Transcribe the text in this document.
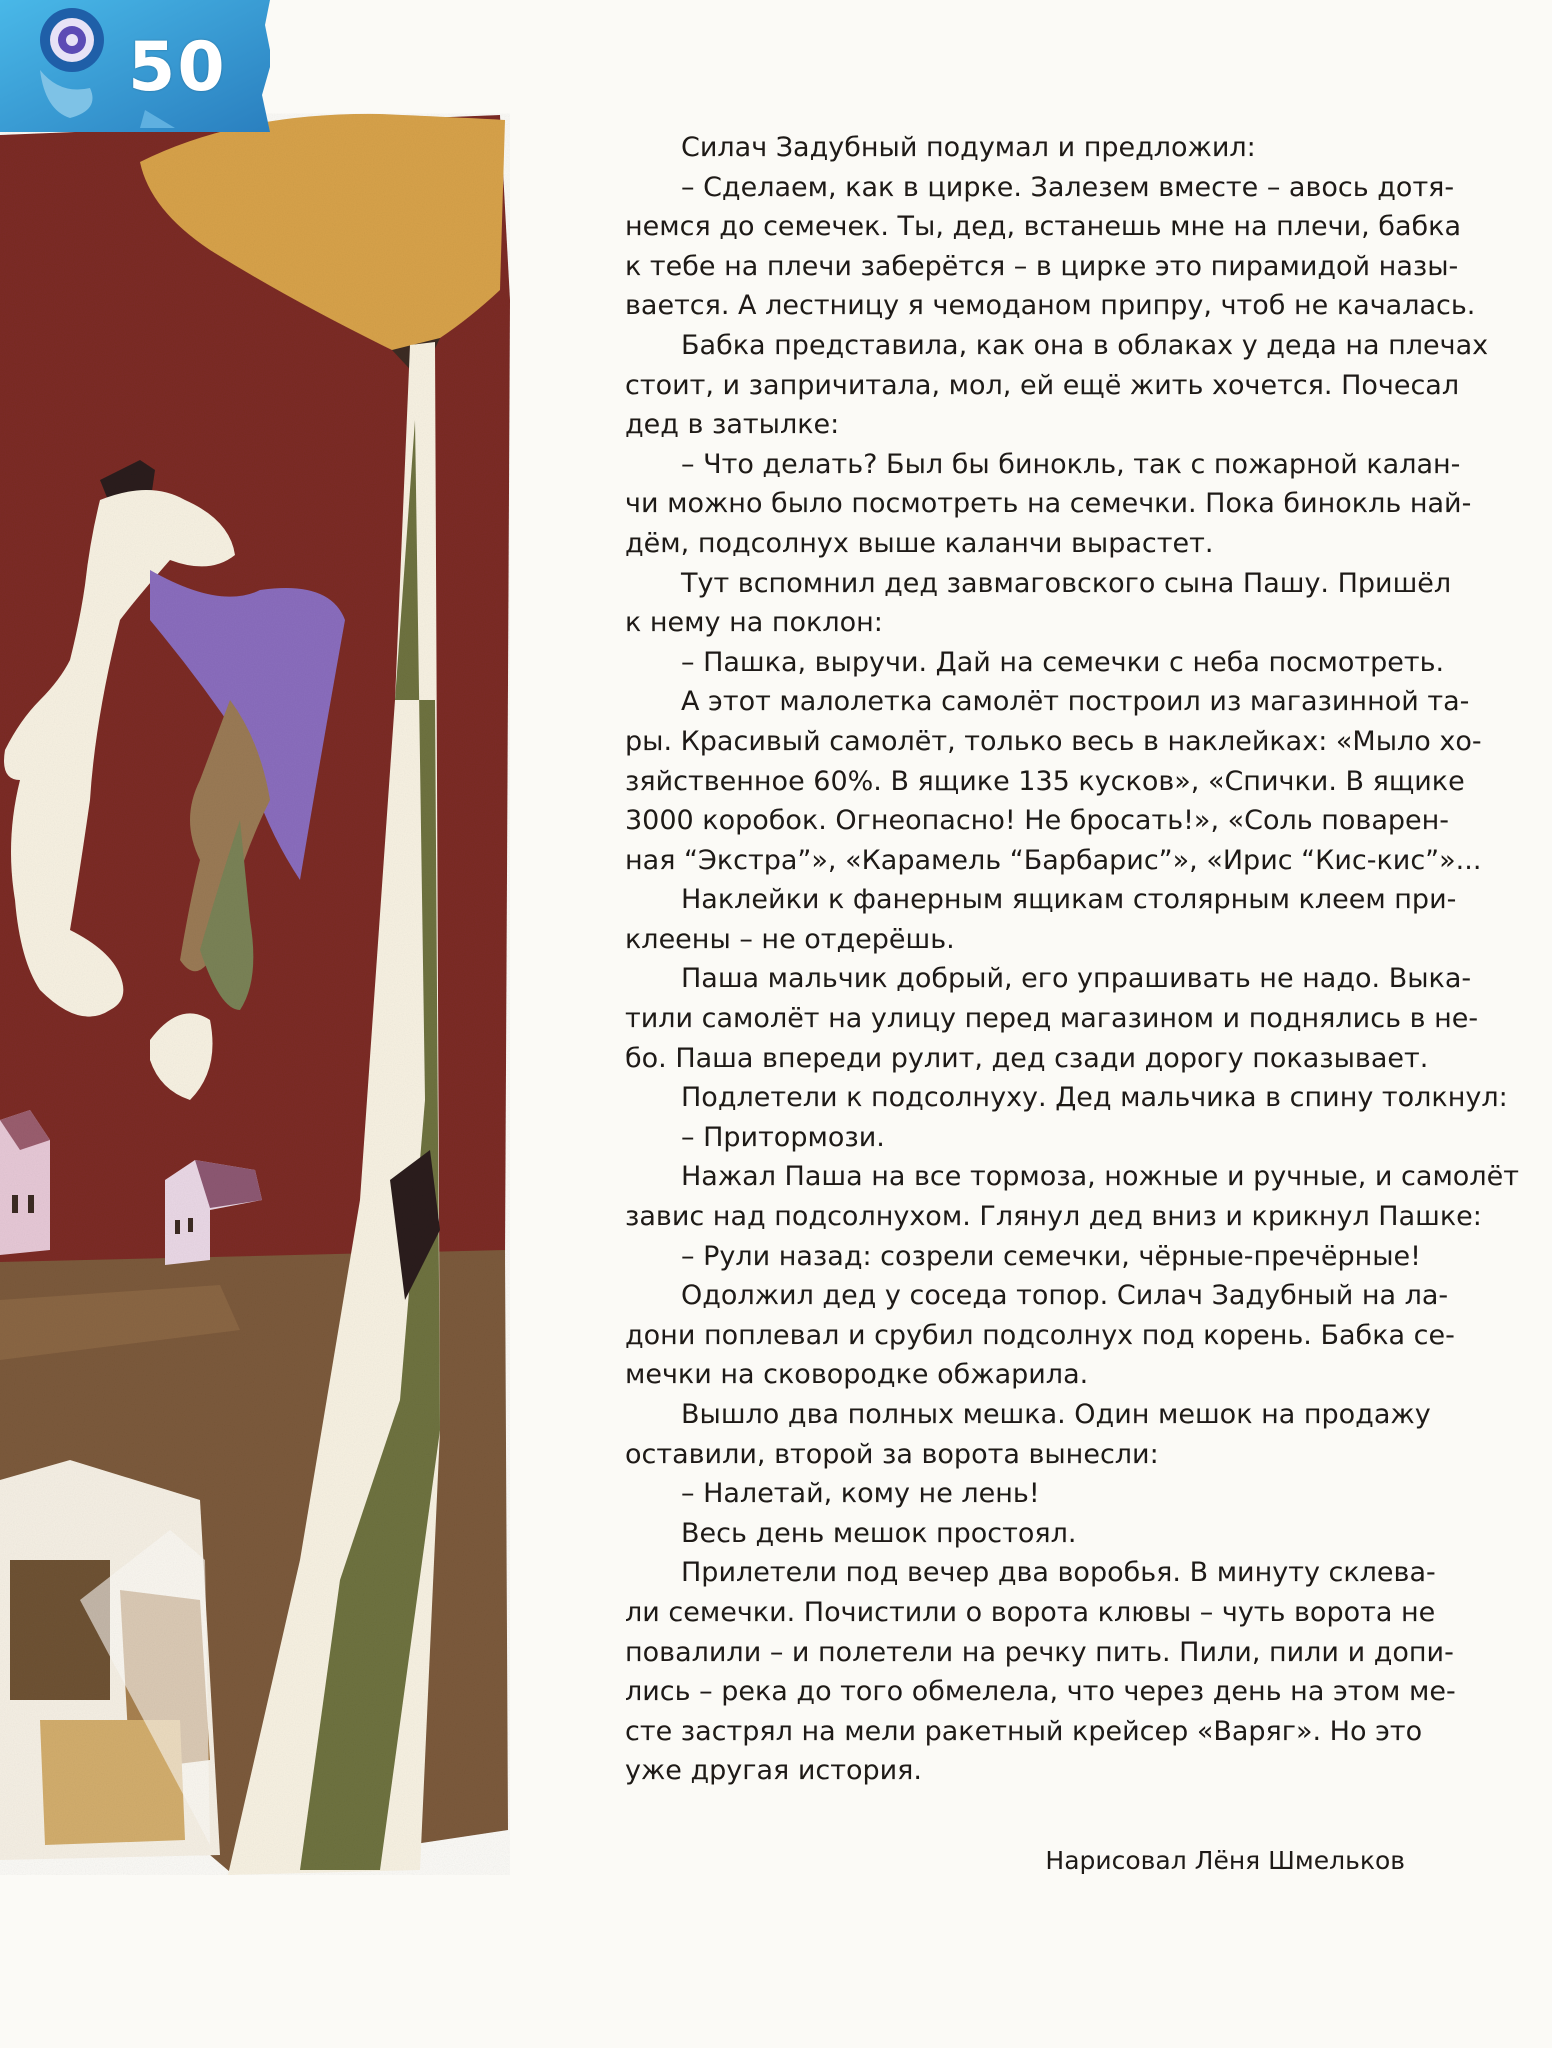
50
Силач Задубный подумал и предложил:
– Сделаем, как в цирке. Залезем вместе – авось дотя-
немся до семечек. Ты, дед, встанешь мне на плечи, бабка
к тебе на плечи заберётся – в цирке это пирамидой назы-
вается. А лестницу я чемоданом припру, чтоб не качалась.
Бабка представила, как она в облаках у деда на плечах
стоит, и запричитала, мол, ей ещё жить хочется. Почесал
дед в затылке:
– Что делать? Был бы бинокль, так с пожарной калан-
чи можно было посмотреть на семечки. Пока бинокль най-
дём, подсолнух выше каланчи вырастет.
Тут вспомнил дед завмаговского сына Пашу. Пришёл
к нему на поклон:
– Пашка, выручи. Дай на семечки с неба посмотреть.
А этот малолетка самолёт построил из магазинной та-
ры. Красивый самолёт, только весь в наклейках: «Мыло хо-
зяйственное 60%. В ящике 135 кусков», «Спички. В ящике
3000 коробок. Огнеопасно! Не бросать!», «Соль поварен-
ная “Экстра”», «Карамель “Барбарис”», «Ирис “Кис-кис”»...
Наклейки к фанерным ящикам столярным клеем при-
клеены – не отдерёшь.
Паша мальчик добрый, его упрашивать не надо. Выка-
тили самолёт на улицу перед магазином и поднялись в не-
бо. Паша впереди рулит, дед сзади дорогу показывает.
Подлетели к подсолнуху. Дед мальчика в спину толкнул:
– Притормози.
Нажал Паша на все тормоза, ножные и ручные, и самолёт
завис над подсолнухом. Глянул дед вниз и крикнул Пашке:
– Рули назад: созрели семечки, чёрные-пречёрные!
Одолжил дед у соседа топор. Силач Задубный на ла-
дони поплевал и срубил подсолнух под корень. Бабка се-
мечки на сковородке обжарила.
Вышло два полных мешка. Один мешок на продажу
оставили, второй за ворота вынесли:
– Налетай, кому не лень!
Весь день мешок простоял.
Прилетели под вечер два воробья. В минуту склева-
ли семечки. Почистили о ворота клювы – чуть ворота не
повалили – и полетели на речку пить. Пили, пили и допи-
лись – река до того обмелела, что через день на этом ме-
сте застрял на мели ракетный крейсер «Варяг». Но это
уже другая история.
Нарисовал Лёня Шмельков
